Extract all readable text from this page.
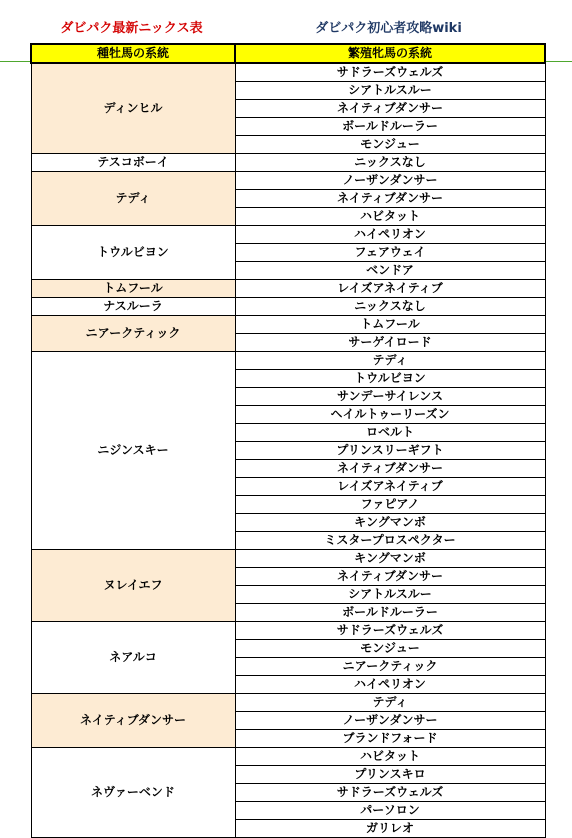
ダビパク最新ニックス表	ダビパク初心者攻略wiki
種牡馬の系統	繁殖牝馬の系統
ディンヒル	サドラーズウェルズ
	シアトルスルー
	ネイティブダンサー
	ボールドルーラー
	モンジュー
テスコボーイ	ニックスなし
テディ	ノーザンダンサー
	ネイティブダンサー
	ハビタット
トウルビヨン	ハイペリオン
	フェアウェイ
	ベンドア
トムフール	レイズアネイティブ
ナスルーラ	ニックスなし
ニアークティック	トムフール
	サーゲイロード
ニジンスキー	テディ
	トウルビヨン
	サンデーサイレンス
	ヘイルトゥーリーズン
	ロベルト
	プリンスリーギフト
	ネイティブダンサー
	レイズアネイティブ
	ファピアノ
	キングマンボ
	ミスタープロスペクター
ヌレイエフ	キングマンボ
	ネイティブダンサー
	シアトルスルー
	ボールドルーラー
ネアルコ	サドラーズウェルズ
	モンジュー
	ニアークティック
	ハイペリオン
ネイティブダンサー	テディ
	ノーザンダンサー
	ブランドフォード
ネヴァーベンド	ハビタット
	プリンスキロ
	サドラーズウェルズ
	パーソロン
	ガリレオ
